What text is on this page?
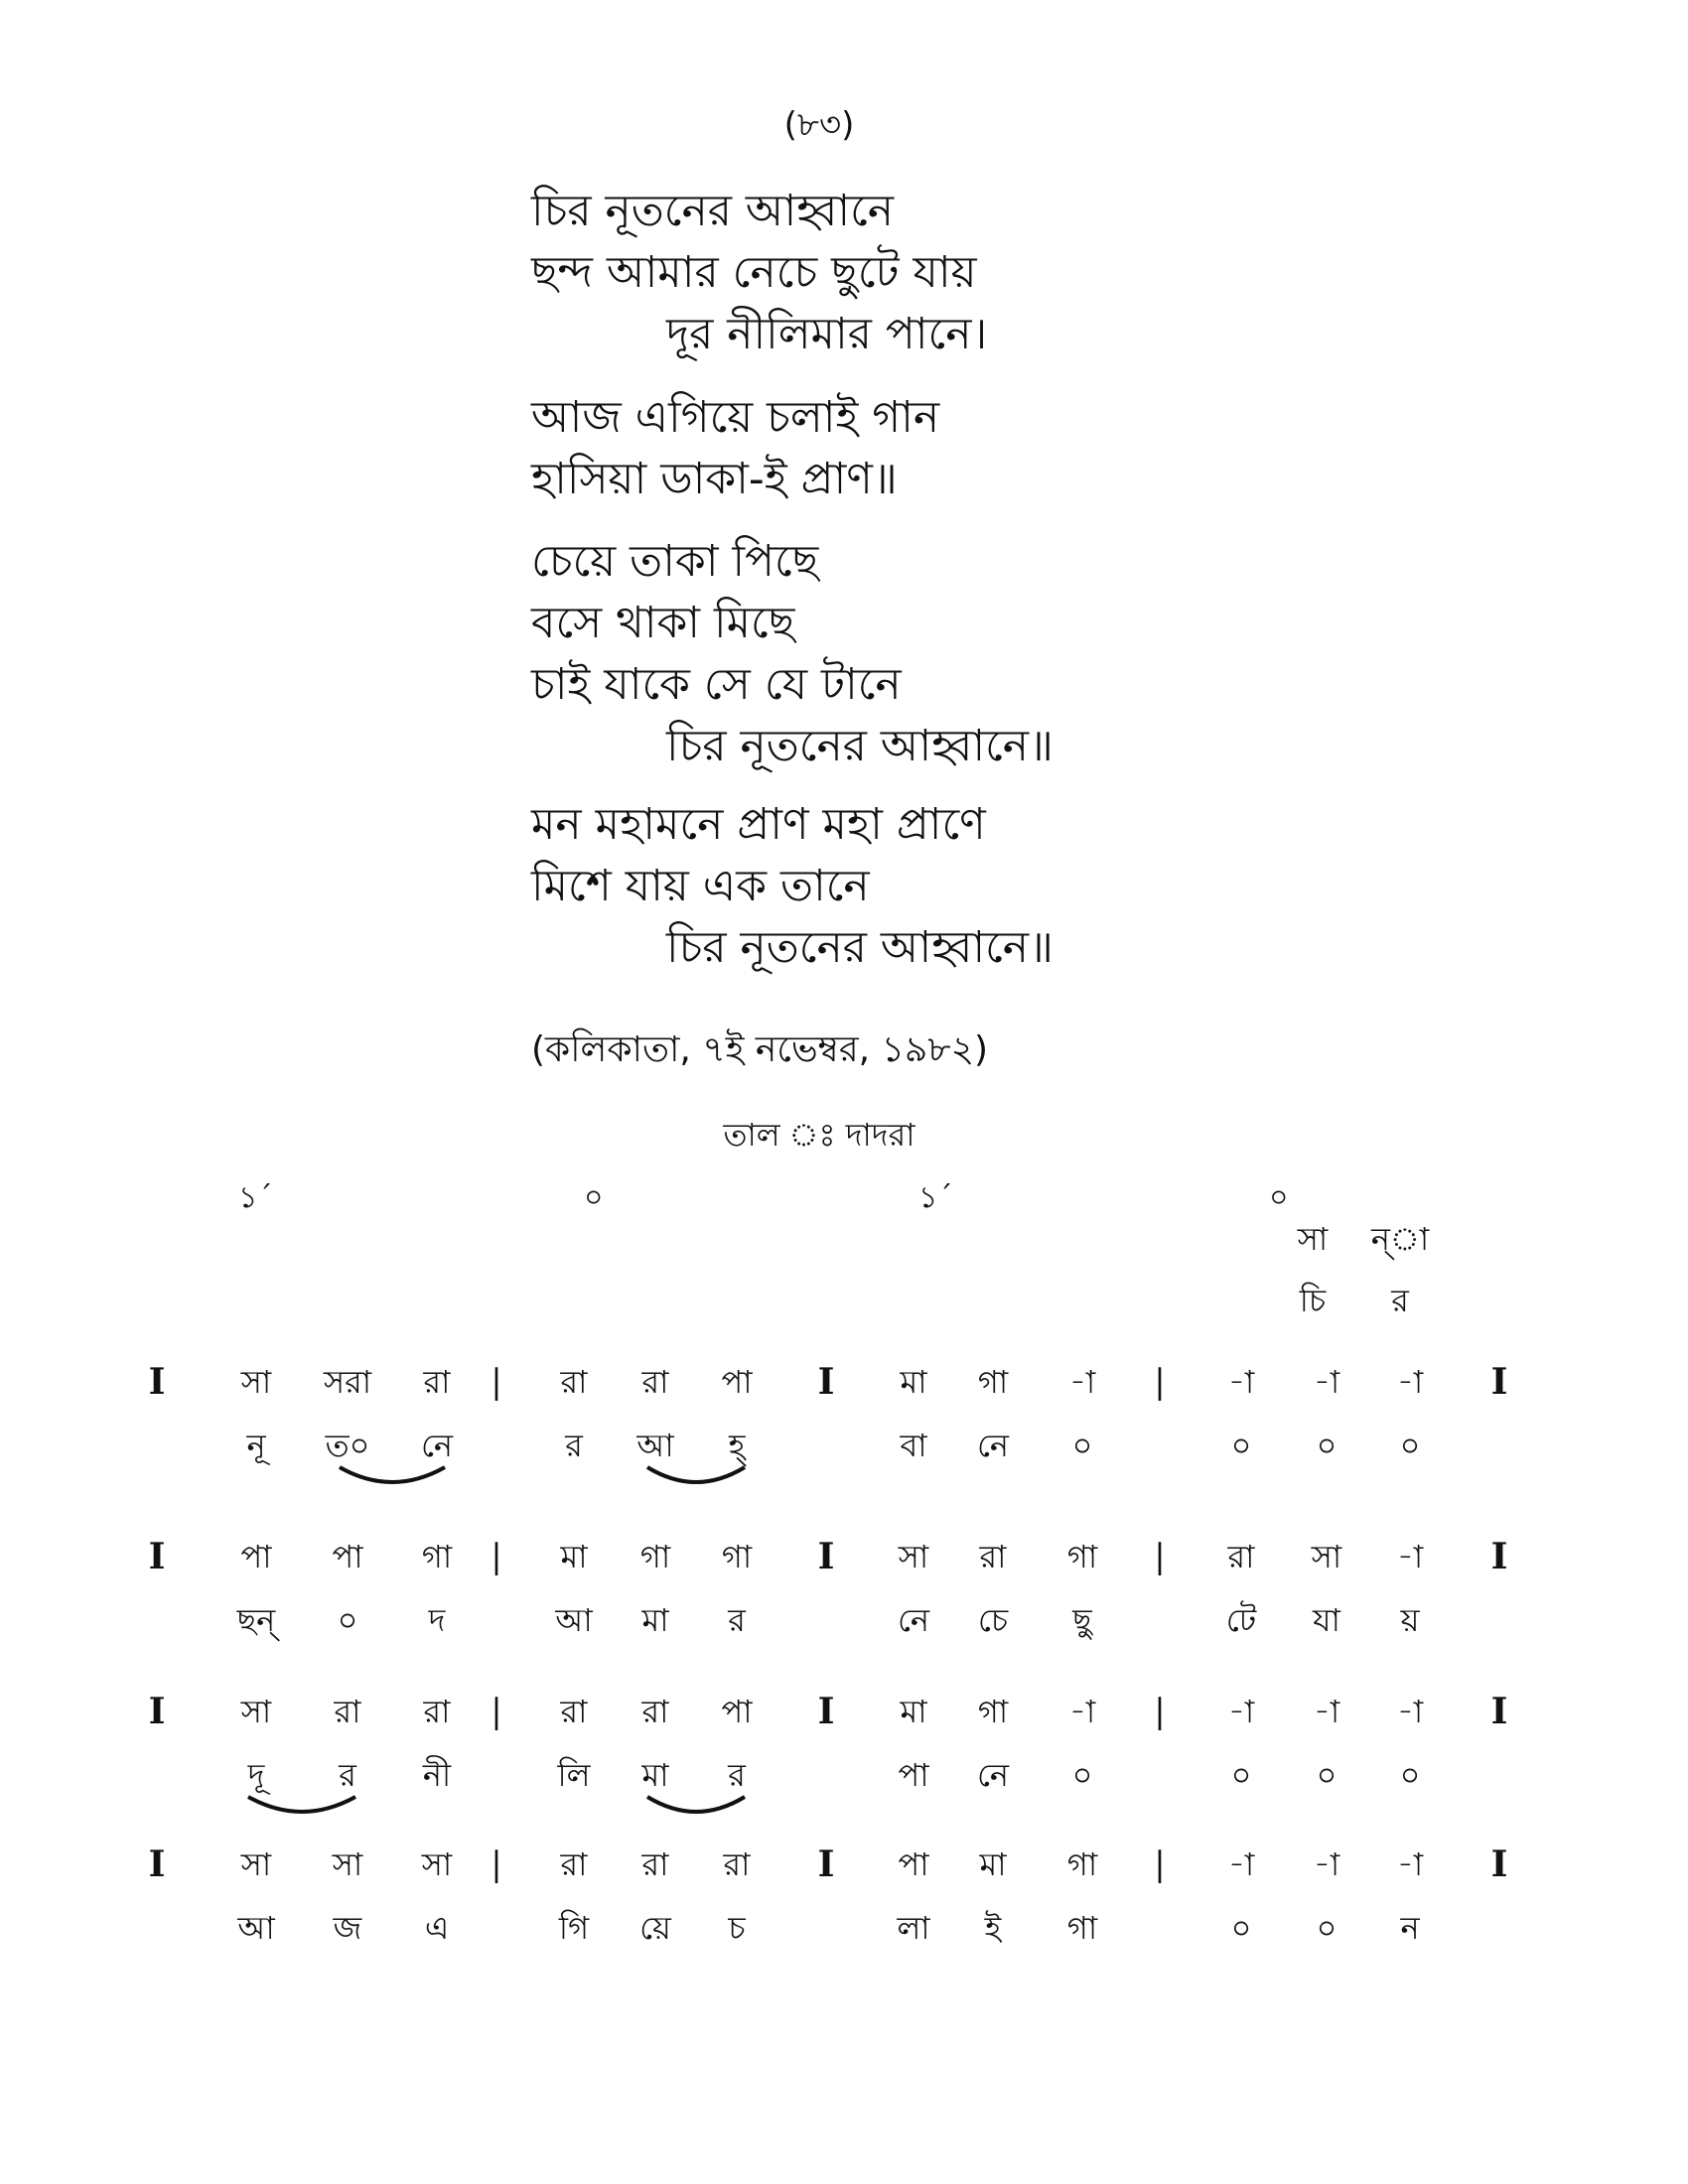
(৮৩)
চির নূতনের আহ্বানে
ছন্দ আমার নেচে ছুটে যায়
দূর নীলিমার পানে।
আজ এগিয়ে চলাই গান
হাসিয়া ডাকা-ই প্রাণ॥
চেয়ে তাকা পিছে
বসে থাকা মিছে
চাই যাকে সে যে টানে
চির নূতনের আহ্বানে॥
মন মহামনে প্রাণ মহা প্রাণে
মিশে যায় এক তানে
চির নূতনের আহ্বানে॥
(কলিকাতা, ৭ই নভেম্বর, ১৯৮২)
তাল ঃ দাদরা
১´	০	১´	০
সা ন্‌া
চি র
I	I	I
|	|
সা সরা রা	রা রা পা	মা গা -া	-া -া -া
নূ ত০ নে	র আ হ্	বা নে ০	০ ০ ০
I	I	I
|	|
পা পা গা	মা গা গা	সা রা গা	রা সা -া
ছন্ ০ দ	আ মা র	নে চে ছু	টে যা য়
I	I	I
|	|
সা রা রা	রা রা পা	মা গা -া	-া -া -া
দূ র নী	লি মা র	পা নে ০	০ ০ ০
I	I	I
|	|
সা সা সা	রা রা রা	পা মা গা	-া -া -া
আ জ এ	গি য়ে চ	লা ই গা	০ ০ ন
